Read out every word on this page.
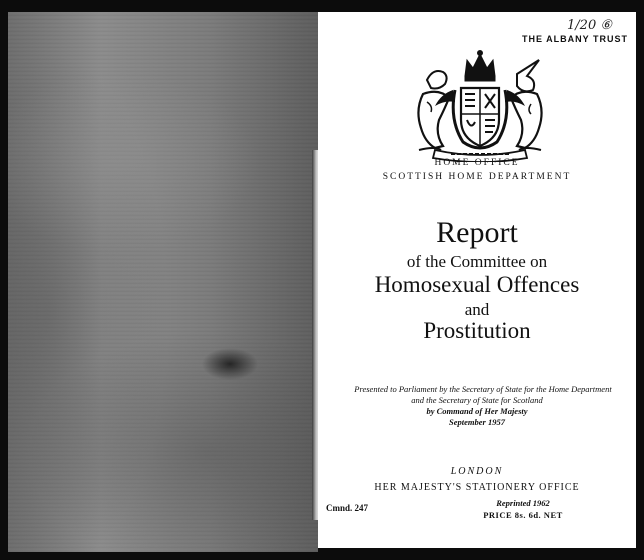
1/20 ⑥
THE ALBANY TRUST
HOME OFFICE
SCOTTISH HOME DEPARTMENT
Report
of the Committee on
Homosexual Offences
and
Prostitution
Presented to Parliament by the Secretary of State for the Home Department
and the Secretary of State for Scotland
by Command of Her Majesty
September 1957
LONDON
HER MAJESTY'S STATIONERY OFFICE
Reprinted 1962
PRICE 8s. 6d. NET
Cmnd. 247
